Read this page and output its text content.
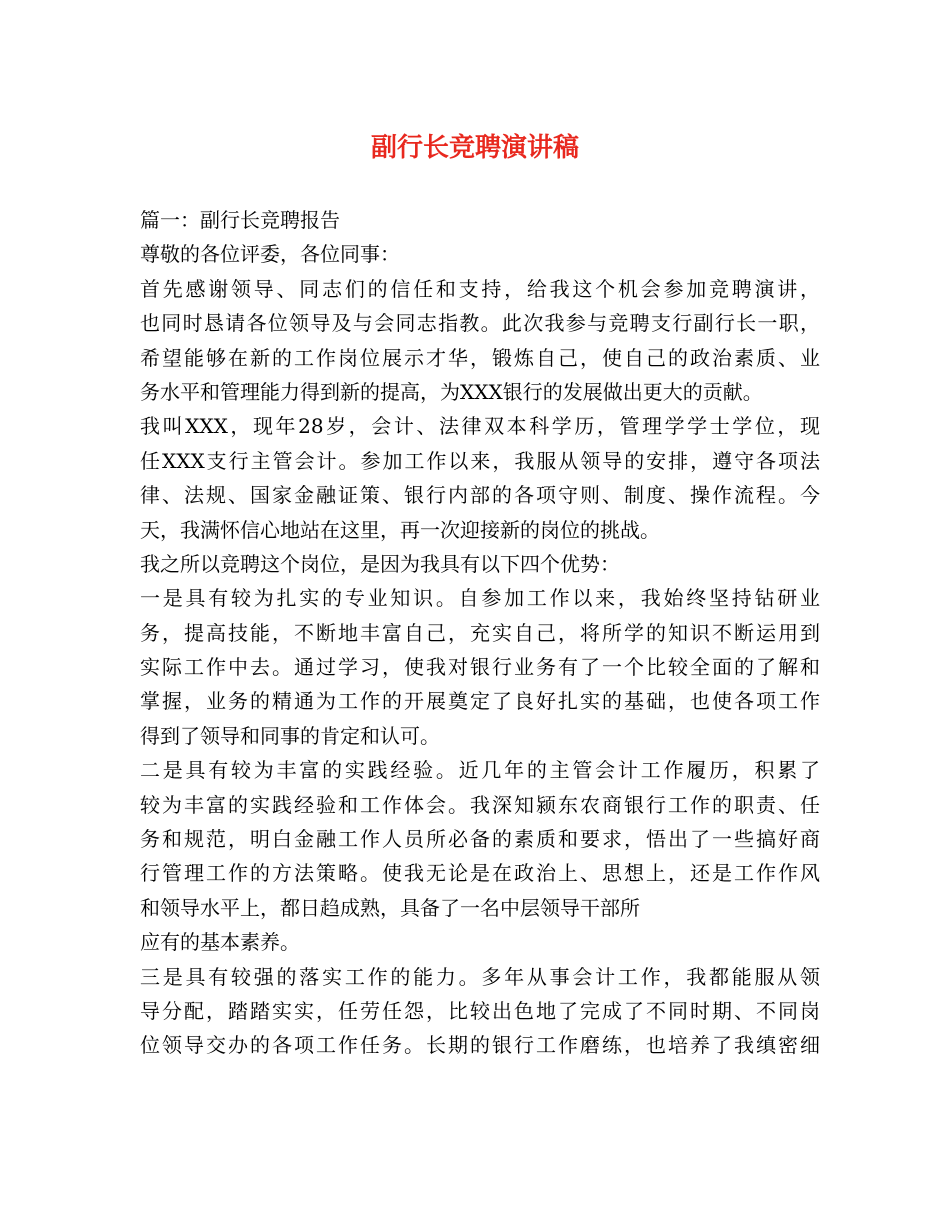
副行长竞聘演讲稿
篇一：副行长竞聘报告
尊敬的各位评委，各位同事：
首先感谢领导、同志们的信任和支持，给我这个机会参加竞聘演讲，
也同时恳请各位领导及与会同志指教。此次我参与竞聘支行副行长一职，
希望能够在新的工作岗位展示才华，锻炼自己，使自己的政治素质、业
务水平和管理能力得到新的提高，为XXX银行的发展做出更大的贡献。
我叫XXX，现年28岁，会计、法律双本科学历，管理学学士学位，现
任XXX支行主管会计。参加工作以来，我服从领导的安排，遵守各项法
律、法规、国家金融证策、银行内部的各项守则、制度、操作流程。今
天，我满怀信心地站在这里，再一次迎接新的岗位的挑战。
我之所以竞聘这个岗位，是因为我具有以下四个优势：
一是具有较为扎实的专业知识。自参加工作以来，我始终坚持钻研业
务，提高技能，不断地丰富自己，充实自己，将所学的知识不断运用到
实际工作中去。通过学习，使我对银行业务有了一个比较全面的了解和
掌握，业务的精通为工作的开展奠定了良好扎实的基础，也使各项工作
得到了领导和同事的肯定和认可。
二是具有较为丰富的实践经验。近几年的主管会计工作履历，积累了
较为丰富的实践经验和工作体会。我深知颍东农商银行工作的职责、任
务和规范，明白金融工作人员所必备的素质和要求，悟出了一些搞好商
行管理工作的方法策略。使我无论是在政治上、思想上，还是工作作风
和领导水平上，都日趋成熟，具备了一名中层领导干部所
应有的基本素养。
三是具有较强的落实工作的能力。多年从事会计工作，我都能服从领
导分配，踏踏实实，任劳任怨，比较出色地了完成了不同时期、不同岗
位领导交办的各项工作任务。长期的银行工作磨练，也培养了我缜密细
